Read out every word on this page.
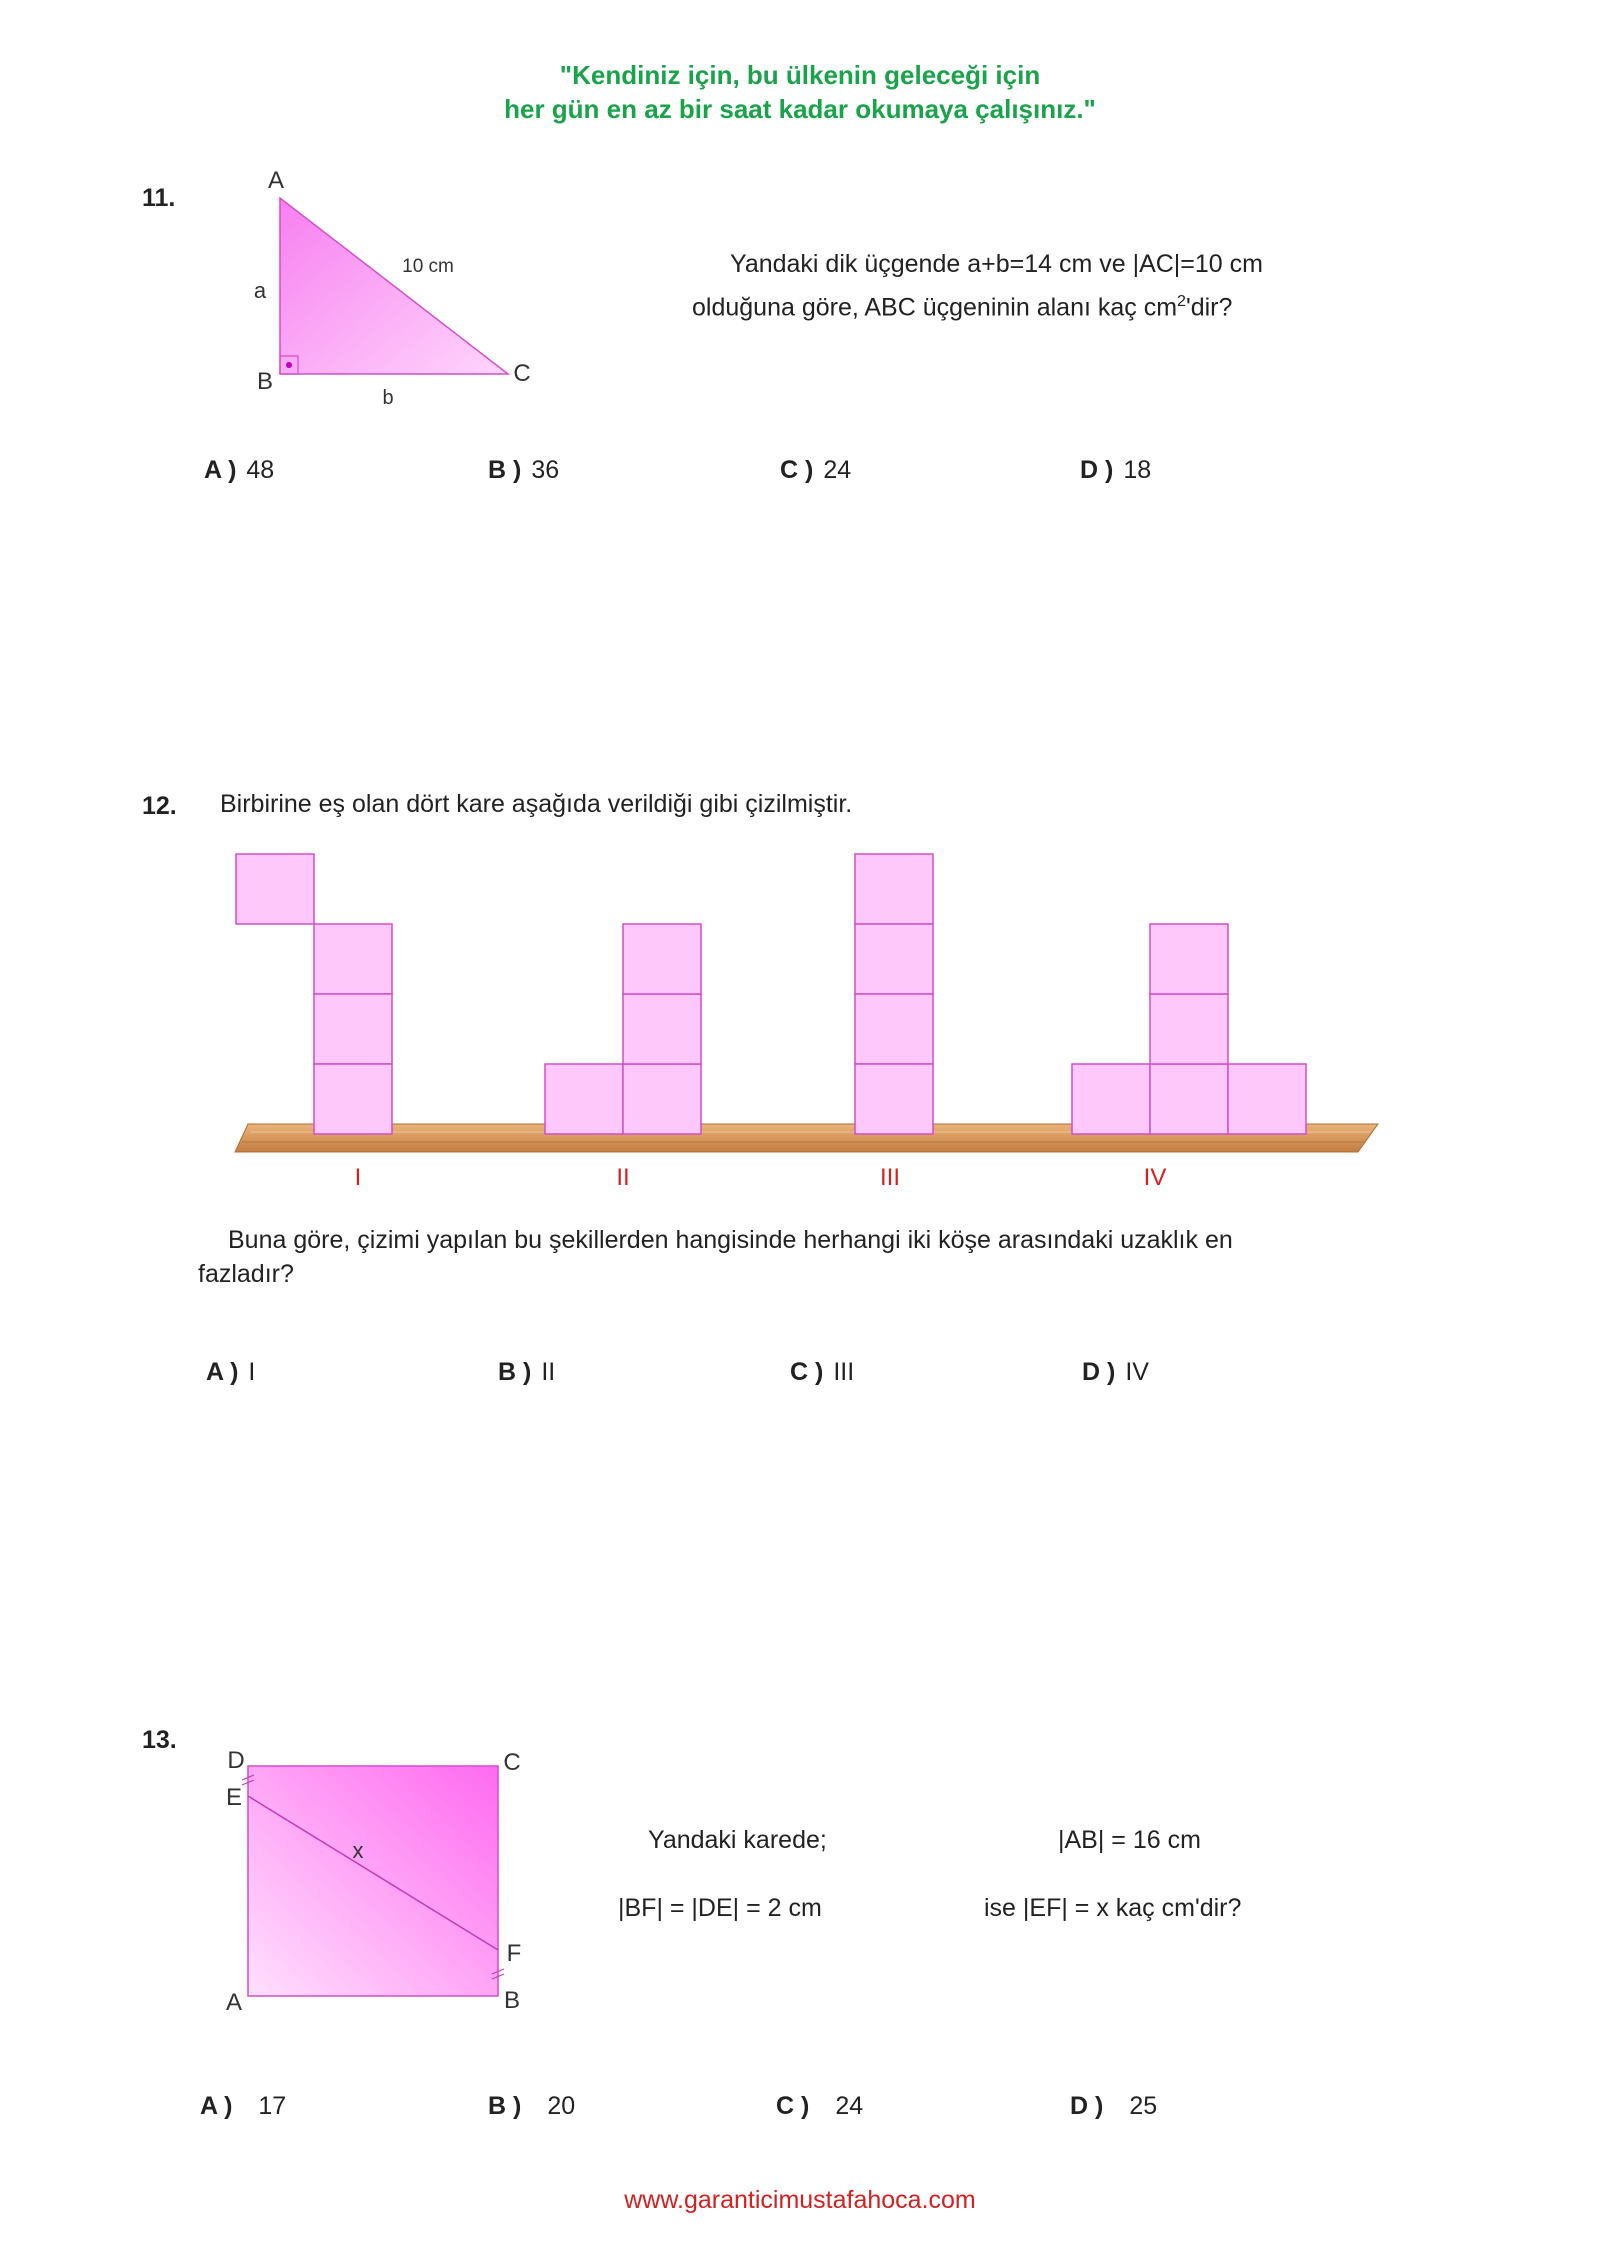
"Kendiniz için, bu ülkenin geleceği için
her gün en az bir saat kadar okumaya çalışınız."
11.
A
B	C
a
b
10 cm	Yandaki dik üçgende a+b=14 cm ve |AC|=10 cm
olduğuna göre, ABC üçgeninin alanı kaç $cm^2'dir$?
A ) 48	B ) 36	C ) 24	D ) 18
12. Birbirine eş olan dört kare aşağıda verildiği gibi çizilmiştir.
I	II	III	IV
Buna göre, çizimi yapılan bu şekillerden hangisinde herhangi iki köşe arasındaki uzaklık en
fazladır?
A ) I	B ) II	C ) III	D ) IV
13.
D
E
C
F
A	B
x	Yandaki karede;
|BF| = |DE| = 2 cm
|AB| = 16 cm
ise |EF| = x kaç cm'dir?
A ) 17	B ) 20	C ) 24	D ) 25
www.garanticimustafahoca.com
